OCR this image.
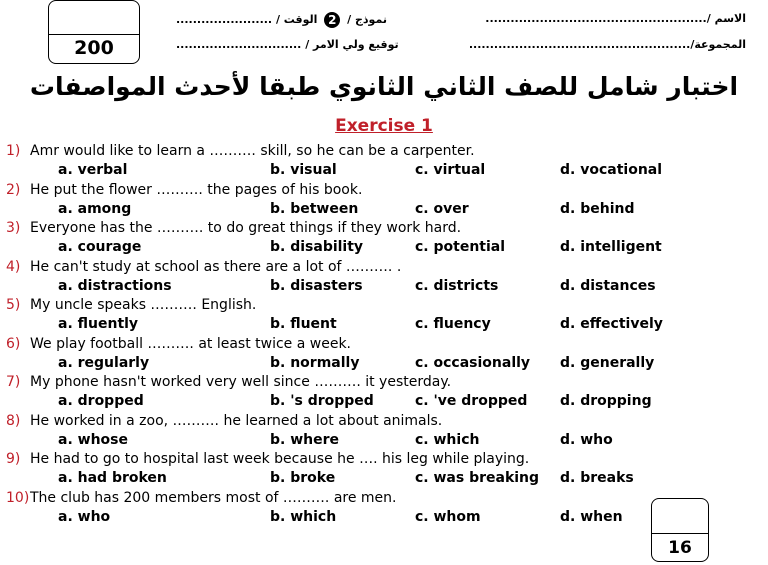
200
الاسم /.....................................................
المجموعة/.....................................................
نموذج / 2 الوقت / .......................
توقيع ولي الامر / ..............................
اختبار شامل للصف الثاني الثانوي طبقا لأحدث المواصفات
Exercise 1
1) Amr would like to learn a ………. skill, so he can be a carpenter.
a. verbal	b. visual	c. virtual	d. vocational
2) He put the flower ………. the pages of his book.
a. among	b. between	c. over	d. behind
3) Everyone has the ………. to do great things if they work hard.
a. courage	b. disability	c. potential	d. intelligent
4) He can't study at school as there are a lot of ………. .
a. distractions	b. disasters	c. districts	d. distances
5) My uncle speaks ………. English.
a. fluently	b. fluent	c. fluency	d. effectively
6) We play football ………. at least twice a week.
a. regularly	b. normally	c. occasionally d. generally
7) My phone hasn't worked very well since ………. it yesterday.
a. dropped	b. 's dropped	c. 've dropped d. dropping
8) He worked in a zoo, ………. he learned a lot about animals.
a. whose	b. where	c. which	d. who
9) He had to go to hospital last week because he …. his leg while playing.
a. had broken	b. broke	c. was breaking d. breaks
10) The club has 200 members most of ………. are men.
a. who	b. which	c. whom	d. when
16
